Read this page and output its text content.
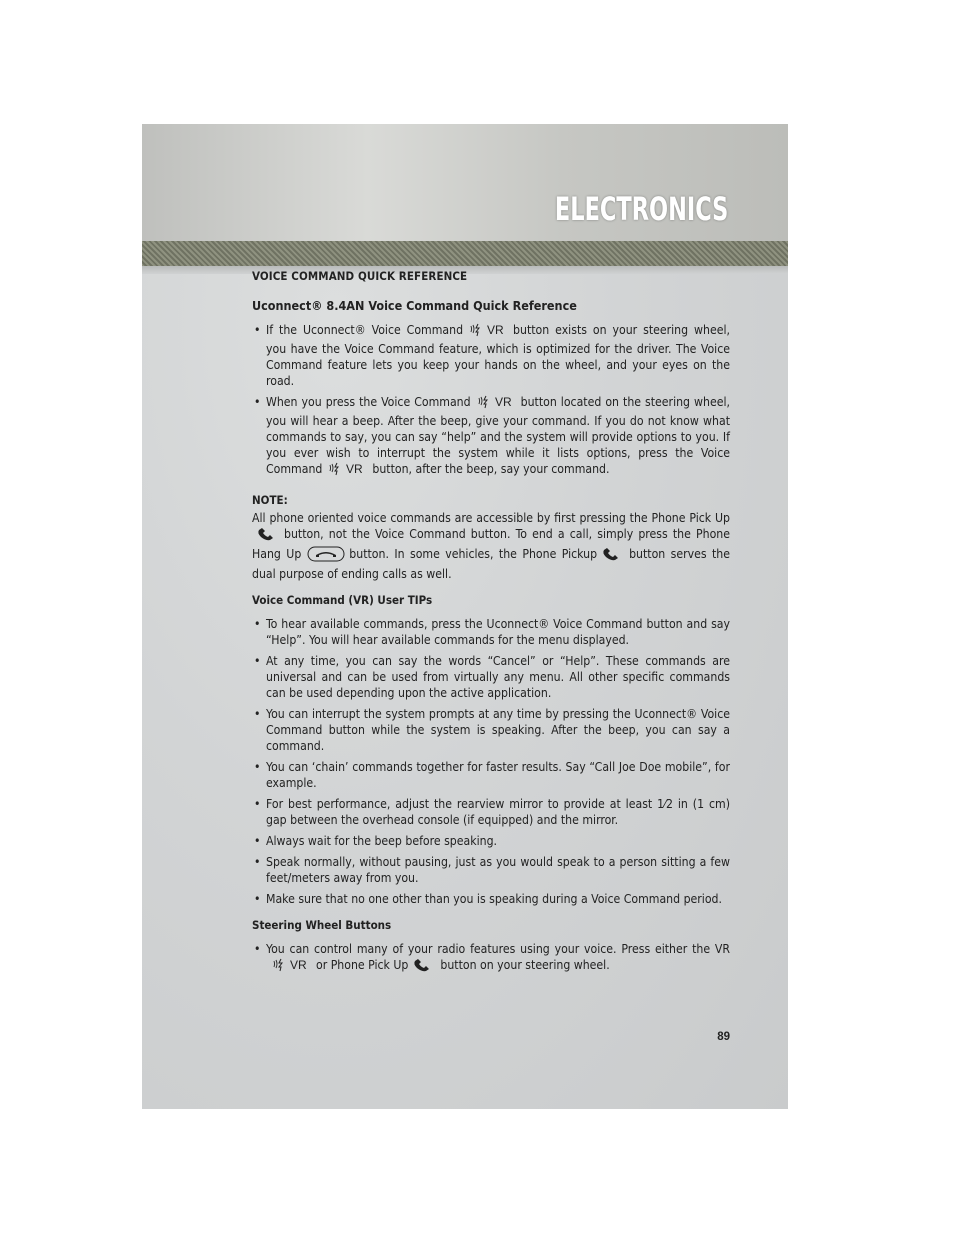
ELECTRONICS
89
VOICE COMMAND QUICK REFERENCE
Uconnect® 8.4AN Voice Command Quick Reference
• If the Uconnect® Voice Command VR button exists on your steering wheel, you have the Voice Command feature, which is optimized for the driver. The Voice Command feature lets you keep your hands on the wheel, and your eyes on the road.
• When you press the Voice Command VR button located on the steering wheel, you will hear a beep. After the beep, give your command. If you do not know what commands to say, you can say “help” and the system will provide options to you. If you ever wish to interrupt the system while it lists options, press the Voice Command VR button, after the beep, say your command.
NOTE:
All phone oriented voice commands are accessible by first pressing the Phone Pick Upbutton, not the Voice Command button. To end a call, simply press the Phone Hang Up	button. In some vehicles, the Phone Pickup	button serves the dual purpose of ending calls as well.
Voice Command (VR) User TIPs
• To hear available commands, press the Uconnect® Voice Command button and say “Help”. You will hear available commands for the menu displayed.
• At any time, you can say the words “Cancel” or “Help”. These commands are universal and can be used from virtually any menu. All other specific commands can be used depending upon the active application.
• You can interrupt the system prompts at any time by pressing the Uconnect® Voice Command button while the system is speaking. After the beep, you can say a command.
• You can ‘chain’ commands together for faster results. Say “Call Joe Doe mobile”, for example.
• For best performance, adjust the rearview mirror to provide at least 1⁄2 in (1 cm) gap between the overhead console (if equipped) and the mirror.
• Always wait for the beep before speaking.
• Speak normally, without pausing, just as you would speak to a person sitting a few feet/meters away from you.
• Make sure that no one other than you is speaking during a Voice Command period.
Steering Wheel Buttons
• You can control many of your radio features using your voice. Press either the VR
VR or Phone Pick Up	button on your steering wheel.
